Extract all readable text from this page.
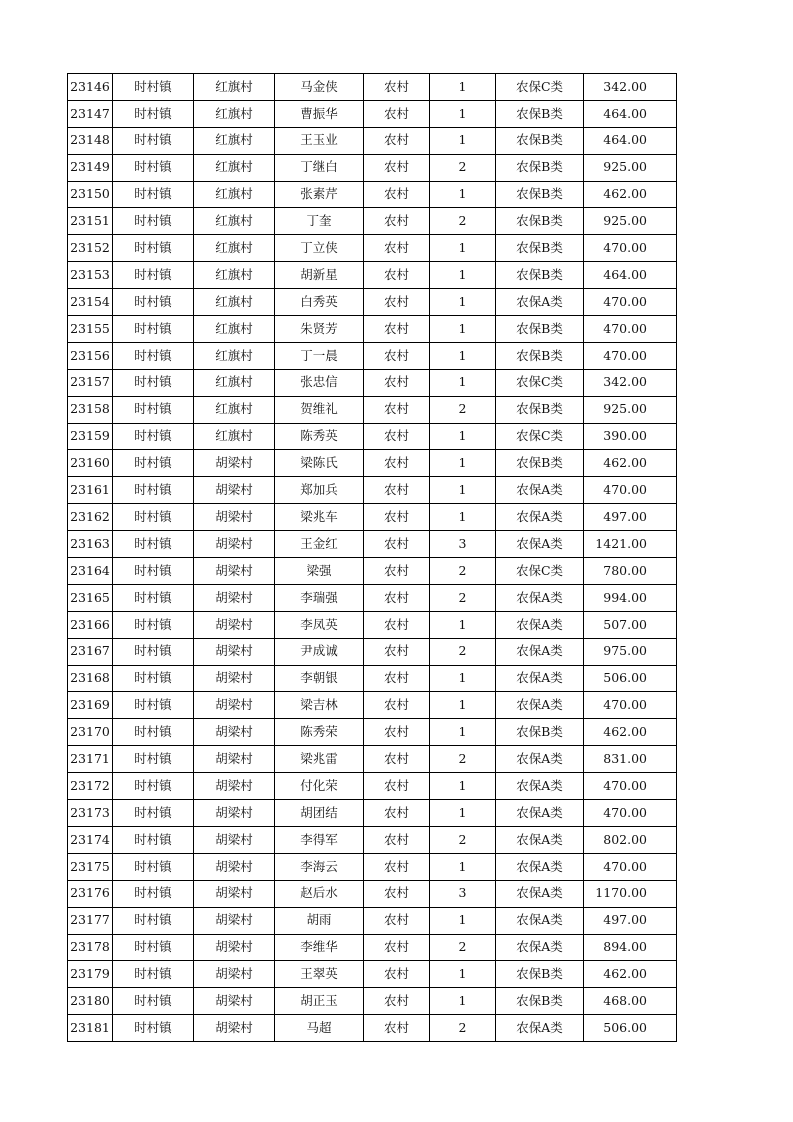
23146	时村镇	红旗村	马金侠	农村	1	农保C类	342.00
23147	时村镇	红旗村	曹振华	农村	1	农保B类	464.00
23148	时村镇	红旗村	王玉业	农村	1	农保B类	464.00
23149	时村镇	红旗村	丁继白	农村	2	农保B类	925.00
23150	时村镇	红旗村	张素芹	农村	1	农保B类	462.00
23151	时村镇	红旗村	丁奎	农村	2	农保B类	925.00
23152	时村镇	红旗村	丁立侠	农村	1	农保B类	470.00
23153	时村镇	红旗村	胡新星	农村	1	农保B类	464.00
23154	时村镇	红旗村	白秀英	农村	1	农保A类	470.00
23155	时村镇	红旗村	朱贤芳	农村	1	农保B类	470.00
23156	时村镇	红旗村	丁一晨	农村	1	农保B类	470.00
23157	时村镇	红旗村	张忠信	农村	1	农保C类	342.00
23158	时村镇	红旗村	贺维礼	农村	2	农保B类	925.00
23159	时村镇	红旗村	陈秀英	农村	1	农保C类	390.00
23160	时村镇	胡梁村	梁陈氏	农村	1	农保B类	462.00
23161	时村镇	胡梁村	郑加兵	农村	1	农保A类	470.00
23162	时村镇	胡梁村	梁兆车	农村	1	农保A类	497.00
23163	时村镇	胡梁村	王金红	农村	3	农保A类	1421.00
23164	时村镇	胡梁村	梁强	农村	2	农保C类	780.00
23165	时村镇	胡梁村	李瑞强	农村	2	农保A类	994.00
23166	时村镇	胡梁村	李凤英	农村	1	农保A类	507.00
23167	时村镇	胡梁村	尹成诚	农村	2	农保A类	975.00
23168	时村镇	胡梁村	李朝银	农村	1	农保A类	506.00
23169	时村镇	胡梁村	梁吉林	农村	1	农保A类	470.00
23170	时村镇	胡梁村	陈秀荣	农村	1	农保B类	462.00
23171	时村镇	胡梁村	梁兆雷	农村	2	农保A类	831.00
23172	时村镇	胡梁村	付化荣	农村	1	农保A类	470.00
23173	时村镇	胡梁村	胡团结	农村	1	农保A类	470.00
23174	时村镇	胡梁村	李得军	农村	2	农保A类	802.00
23175	时村镇	胡梁村	李海云	农村	1	农保A类	470.00
23176	时村镇	胡梁村	赵后水	农村	3	农保A类	1170.00
23177	时村镇	胡梁村	胡雨	农村	1	农保A类	497.00
23178	时村镇	胡梁村	李维华	农村	2	农保A类	894.00
23179	时村镇	胡梁村	王翠英	农村	1	农保B类	462.00
23180	时村镇	胡梁村	胡正玉	农村	1	农保B类	468.00
23181	时村镇	胡梁村	马超	农村	2	农保A类	506.00
